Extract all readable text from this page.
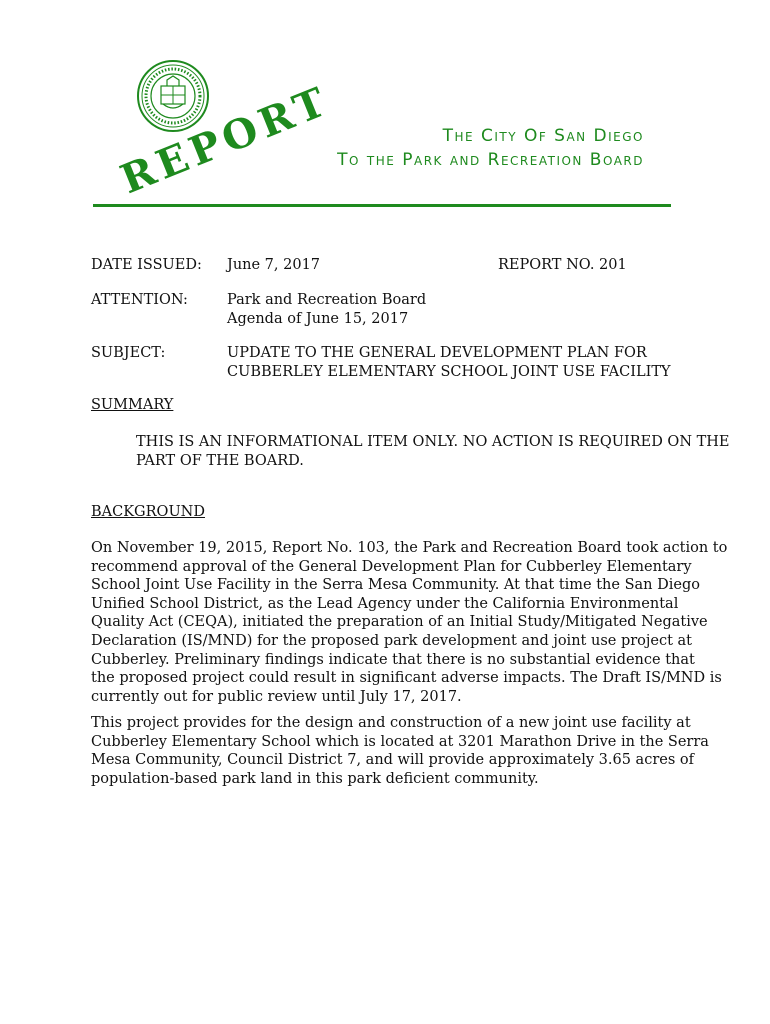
REPORT	The City Of San Diego
To the Park and Recreation Board
DATE ISSUED: June 7, 2017	REPORT NO. 201
ATTENTION:	Park and Recreation Board
Agenda of June 15, 2017
SUBJECT:	UPDATE TO THE GENERAL DEVELOPMENT PLAN FOR
CUBBERLEY ELEMENTARY SCHOOL JOINT USE FACILITY
SUMMARY
THIS IS AN INFORMATIONAL ITEM ONLY. NO ACTION IS REQUIRED ON THE
PART OF THE BOARD.
BACKGROUND
On November 19, 2015, Report No. 103, the Park and Recreation Board took action to
recommend approval of the General Development Plan for Cubberley Elementary
School Joint Use Facility in the Serra Mesa Community. At that time the San Diego
Unified School District, as the Lead Agency under the California Environmental
Quality Act (CEQA), initiated the preparation of an Initial Study/Mitigated Negative
Declaration (IS/MND) for the proposed park development and joint use project at
Cubberley. Preliminary findings indicate that there is no substantial evidence that
the proposed project could result in significant adverse impacts. The Draft IS/MND is
currently out for public review until July 17, 2017.
This project provides for the design and construction of a new joint use facility at
Cubberley Elementary School which is located at 3201 Marathon Drive in the Serra
Mesa Community, Council District 7, and will provide approximately 3.65 acres of
population-based park land in this park deficient community.
